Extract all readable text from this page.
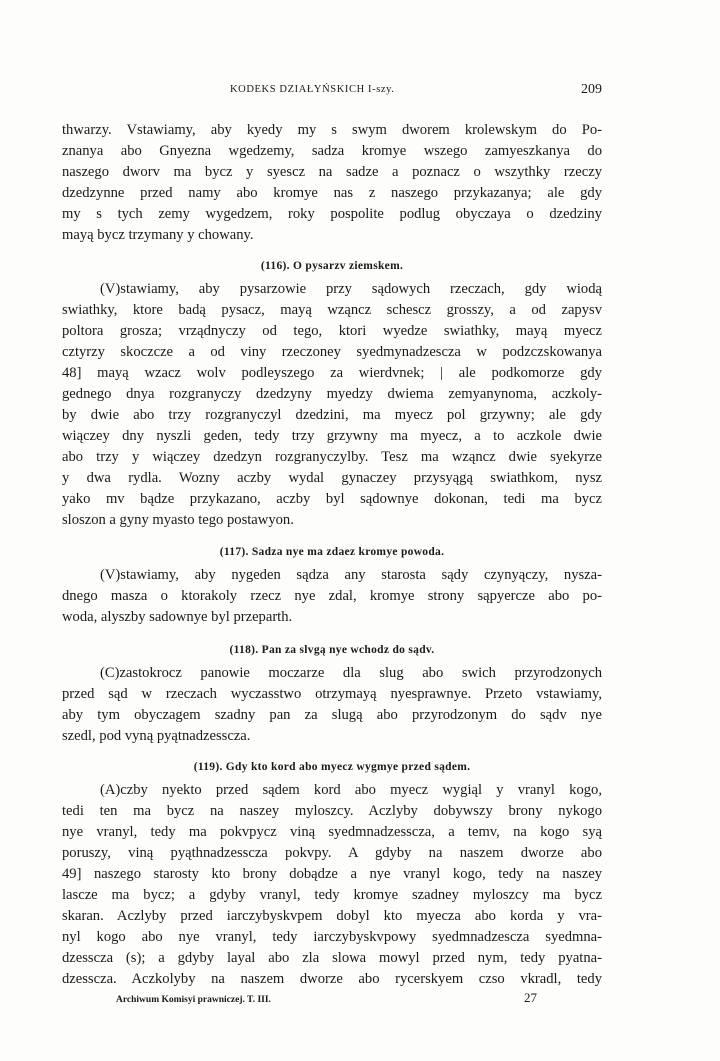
KODEKS DZIAŁYŃSKICH I-szy.	209
thwarzy. Vstawiamy, aby kyedy my s swym dworem krolewskym do Po-
znanya abo Gnyezna wgedzemy, sadza kromye wszego zamyeszkanya do
naszego dworv ma bycz y syescz na sadze a poznacz o wszythky rzeczy
dzedzynne przed namy abo kromye nas z naszego przykazanya; ale gdy
my s tych zemy wygedzem, roky pospolite podlug obyczaya o dzedziny
mayą bycz trzymany y chowany.
(116). O pysarzv ziemskem.
(V)stawiamy, aby pysarzowie przy sądowych rzeczach, gdy wiodą
swiathky, ktore badą pysacz, mayą wząncz schescz grosszy, a od zapysv
poltora grosza; vrządnyczy od tego, ktori wyedze swiathky, mayą myecz
cztyrzy skoczcze a od viny rzeczoney syedmynadzescza w podzczskowanya
48] mayą wzacz wolv podleyszego za wierdvnek; | ale podkomorze gdy
gednego dnya rozgranyczy dzedzyny myedzy dwiema zemyanynoma, aczkoly-
by dwie abo trzy rozgranyczyl dzedzini, ma myecz pol grzywny; ale gdy
wiączey dny nyszli geden, tedy trzy grzywny ma myecz, a to aczkole dwie
abo trzy y wiączey dzedzyn rozgranyczylby. Tesz ma wząncz dwie syekyrze
y dwa rydla. Wozny aczby wydal gynaczey przysyągą swiathkom, nysz
yako mv bądze przykazano, aczby byl sądownye dokonan, tedi ma bycz
sloszon a gyny myasto tego postawyon.
(117). Sadza nye ma zdaez kromye powoda.
(V)stawiamy, aby nygeden sądza any starosta sądy czynyączy, nysza-
dnego masza o ktorakoly rzecz nye zdal, kromye strony sąpyercze abo po-
woda, alyszby sadownye byl przeparth.
(118). Pan za slvgą nye wchodz do sądv.
(C)zastokrocz panowie moczarze dla slug abo swich przyrodzonych
przed sąd w rzeczach wyczasstwo otrzymayą nyesprawnye. Przeto vstawiamy,
aby tym obyczagem szadny pan za slugą abo przyrodzonym do sądv nye
szedl, pod vyną pyątnadzesscza.
(119). Gdy kto kord abo myecz wygmye przed sądem.
(A)czby nyekto przed sądem kord abo myecz wygiąl y vranyl kogo,
tedi ten ma bycz na naszey myloszcy. Aczlyby dobywszy brony nykogo
nye vranyl, tedy ma pokvpycz viną syedmnadzesscza, a temv, na kogo syą
poruszy, viną pyąthnadzesscza pokvpy. A gdyby na naszem dworze abo
49] naszego starosty kto brony dobądze a nye vranyl kogo, tedy na naszey
lascze ma bycz; a gdyby vranyl, tedy kromye szadney myloszcy ma bycz
skaran. Aczlyby przed iarczybyskvpem dobyl kto myecza abo korda y vra-
nyl kogo abo nye vranyl, tedy iarczybyskvpowy syedmnadzescza syedmna-
dzesscza (s); a gdyby layal abo zla slowa mowyl przed nym, tedy pyatna-
dzesscza. Aczkolyby na naszem dworze abo rycerskyem czso vkradl, tedy
Archiwum Komisyi prawniczej. T. III.	27
